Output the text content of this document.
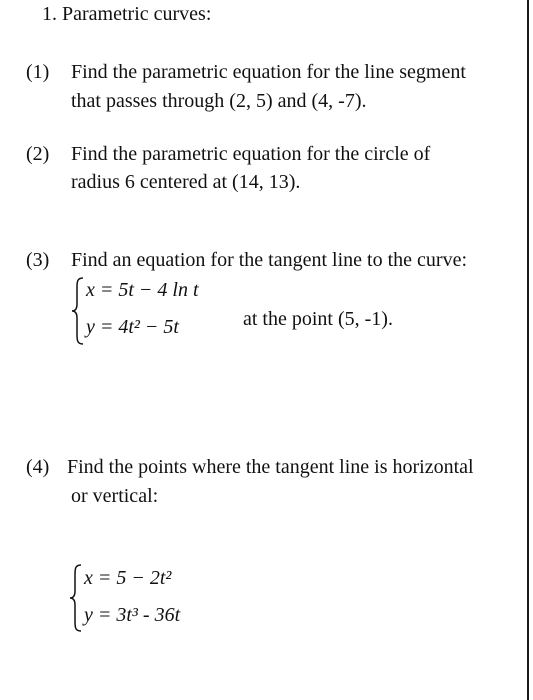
1. Parametric curves:
(1) Find the parametric equation for the line segment
that passes through (2, 5) and (4, -7).
(2) Find the parametric equation for the circle of
radius 6 centered at (14, 13).
(3) Find an equation for the tangent line to the curve:
x = 5t − 4 ln t
y = 4t² − 5t	at the point (5, -1).
(4) Find the points where the tangent line is horizontal
or vertical:
x = 5 − 2t²
y = 3t³ - 36t
